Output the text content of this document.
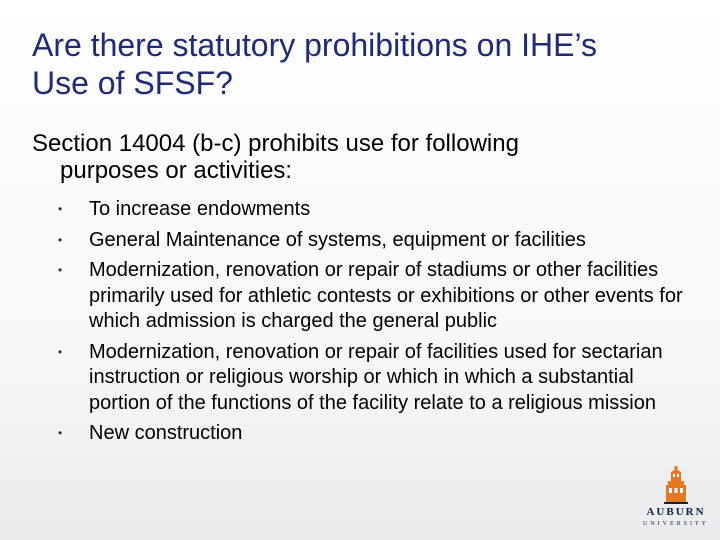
Are there statutory prohibitions on IHE’s
Use of SFSF?

Section 14004 (b-c) prohibits use for following
purposes or activities:

• To increase endowments
• General Maintenance of systems, equipment or facilities
• Modernization, renovation or repair of stadiums or other facilities primarily used for athletic contests or exhibitions or other events for which admission is charged the general public
• Modernization, renovation or repair of facilities used for sectarian instruction or religious worship or which in which a substantial portion of the functions of the facility relate to a religious mission
• New construction
AUBURN
UNIVERSITY
